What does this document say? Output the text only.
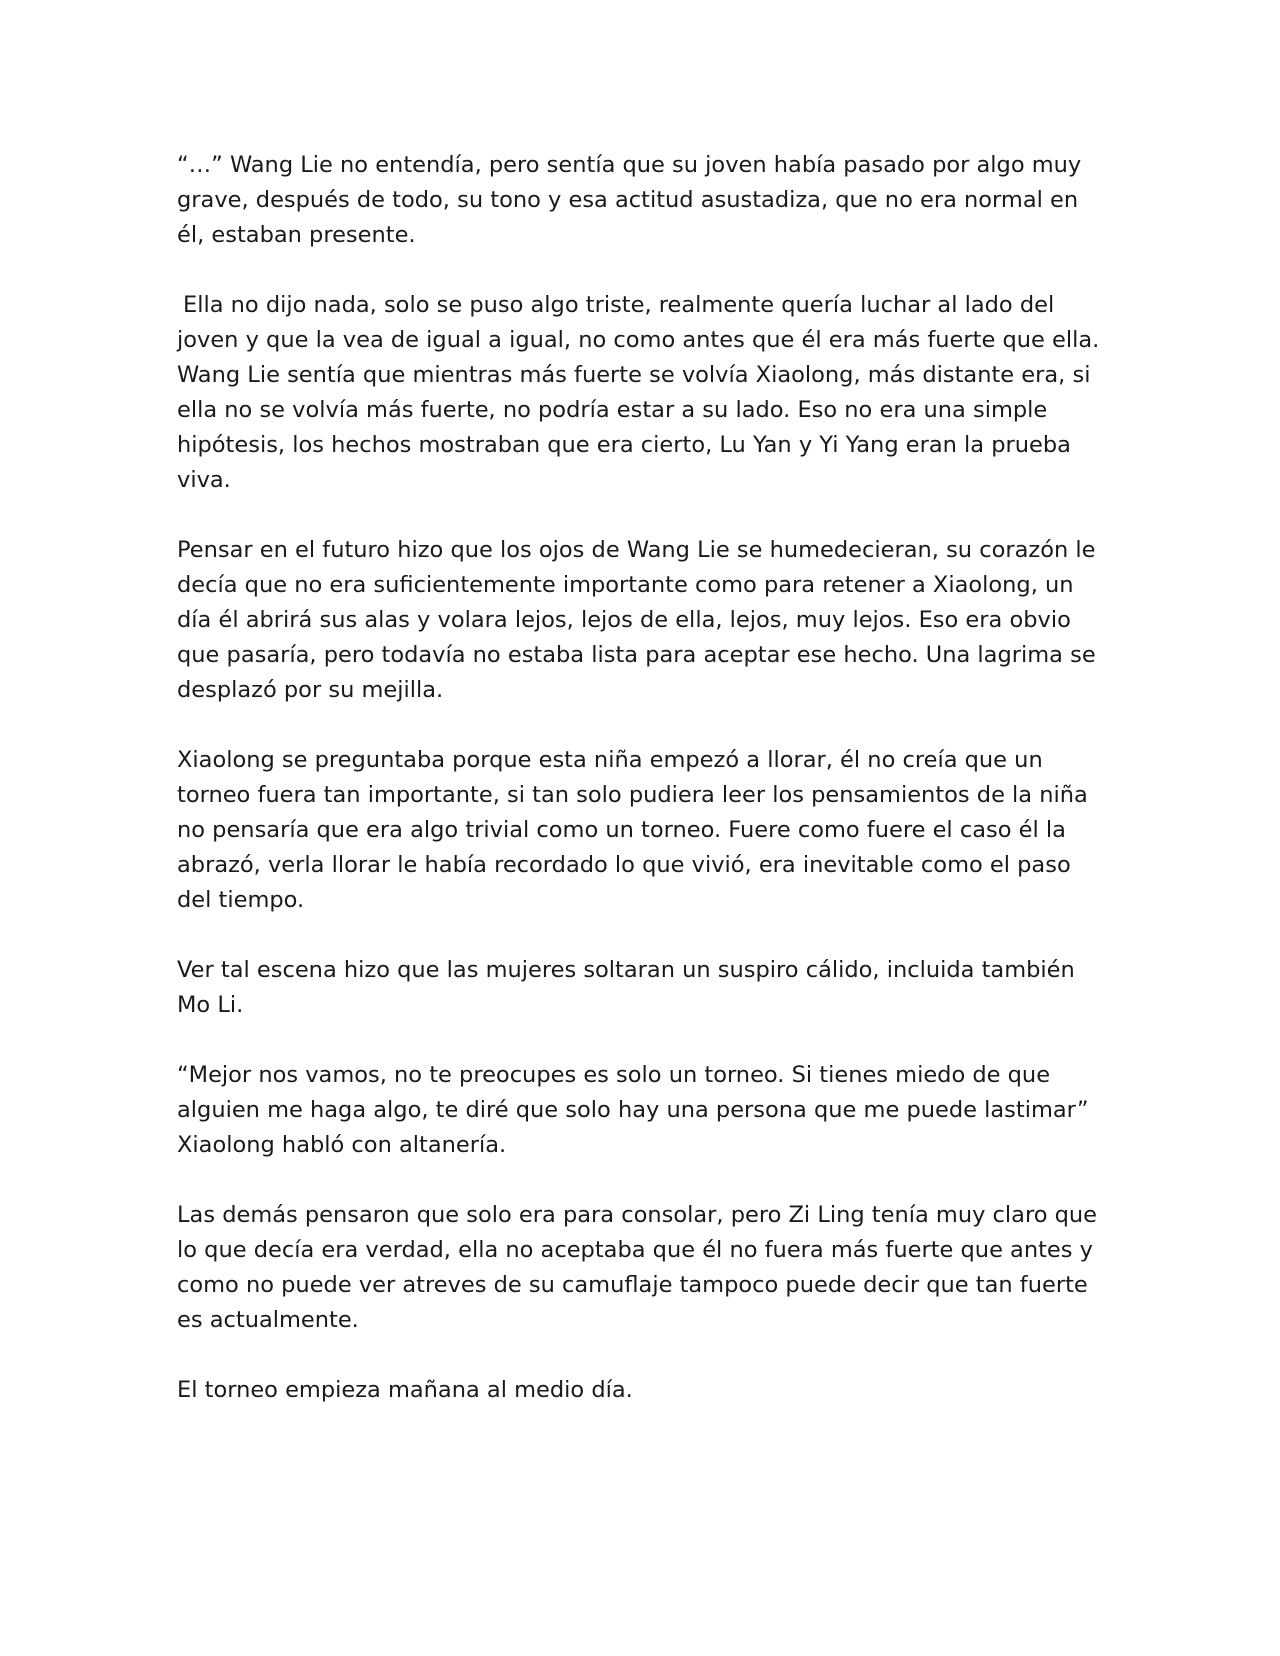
“…” Wang Lie no entendía, pero sentía que su joven había pasado por algo muy grave, después de todo, su tono y esa actitud asustadiza, que no era normal en él, estaban presente.

Ella no dijo nada, solo se puso algo triste, realmente quería luchar al lado del joven y que la vea de igual a igual, no como antes que él era más fuerte que ella. Wang Lie sentía que mientras más fuerte se volvía Xiaolong, más distante era, si ella no se volvía más fuerte, no podría estar a su lado. Eso no era una simple hipótesis, los hechos mostraban que era cierto, Lu Yan y Yi Yang eran la prueba viva.

Pensar en el futuro hizo que los ojos de Wang Lie se humedecieran, su corazón le decía que no era suficientemente importante como para retener a Xiaolong, un día él abrirá sus alas y volara lejos, lejos de ella, lejos, muy lejos. Eso era obvio que pasaría, pero todavía no estaba lista para aceptar ese hecho. Una lagrima se desplazó por su mejilla.

Xiaolong se preguntaba porque esta niña empezó a llorar, él no creía que un torneo fuera tan importante, si tan solo pudiera leer los pensamientos de la niña no pensaría que era algo trivial como un torneo. Fuere como fuere el caso él la abrazó, verla llorar le había recordado lo que vivió, era inevitable como el paso del tiempo.

Ver tal escena hizo que las mujeres soltaran un suspiro cálido, incluida también Mo Li.

“Mejor nos vamos, no te preocupes es solo un torneo. Si tienes miedo de que alguien me haga algo, te diré que solo hay una persona que me puede lastimar” Xiaolong habló con altanería.

Las demás pensaron que solo era para consolar, pero Zi Ling tenía muy claro que lo que decía era verdad, ella no aceptaba que él no fuera más fuerte que antes y como no puede ver atreves de su camuflaje tampoco puede decir que tan fuerte es actualmente.

El torneo empieza mañana al medio día.
